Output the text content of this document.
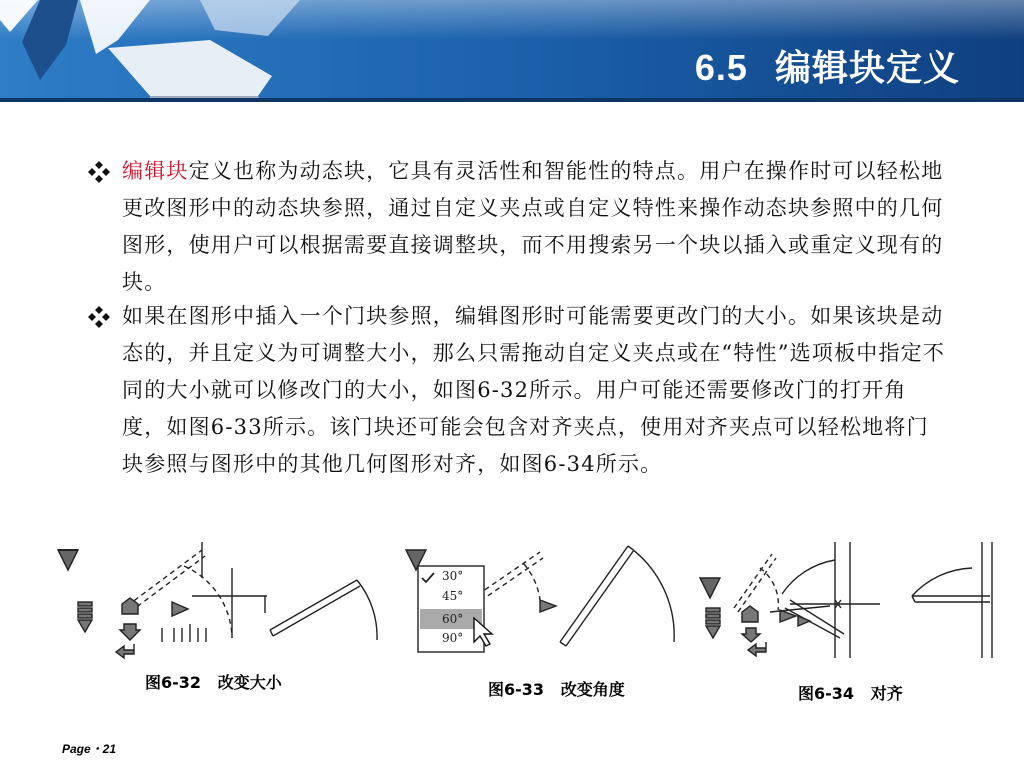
6.5 编辑块定义
编辑块定义也称为动态块，它具有灵活性和智能性的特点。用户在操作时可以轻松地更改图形中的动态块参照，通过自定义夹点或自定义特性来操作动态块参照中的几何图形，使用户可以根据需要直接调整块，而不用搜索另一个块以插入或重定义现有的块。
如果在图形中插入一个门块参照，编辑图形时可能需要更改门的大小。如果该块是动态的，并且定义为可调整大小，那么只需拖动自定义夹点或在“特性”选项板中指定不同的大小就可以修改门的大小，如图6-32所示。用户可能还需要修改门的打开角度，如图6-33所示。该门块还可能会包含对齐夹点，使用对齐夹点可以轻松地将门块参照与图形中的其他几何图形对齐，如图6-34所示。
图6-32   改变大小
30°
45°
60°
90°
图6-33   改变角度	图6-34   对齐
Page・21
